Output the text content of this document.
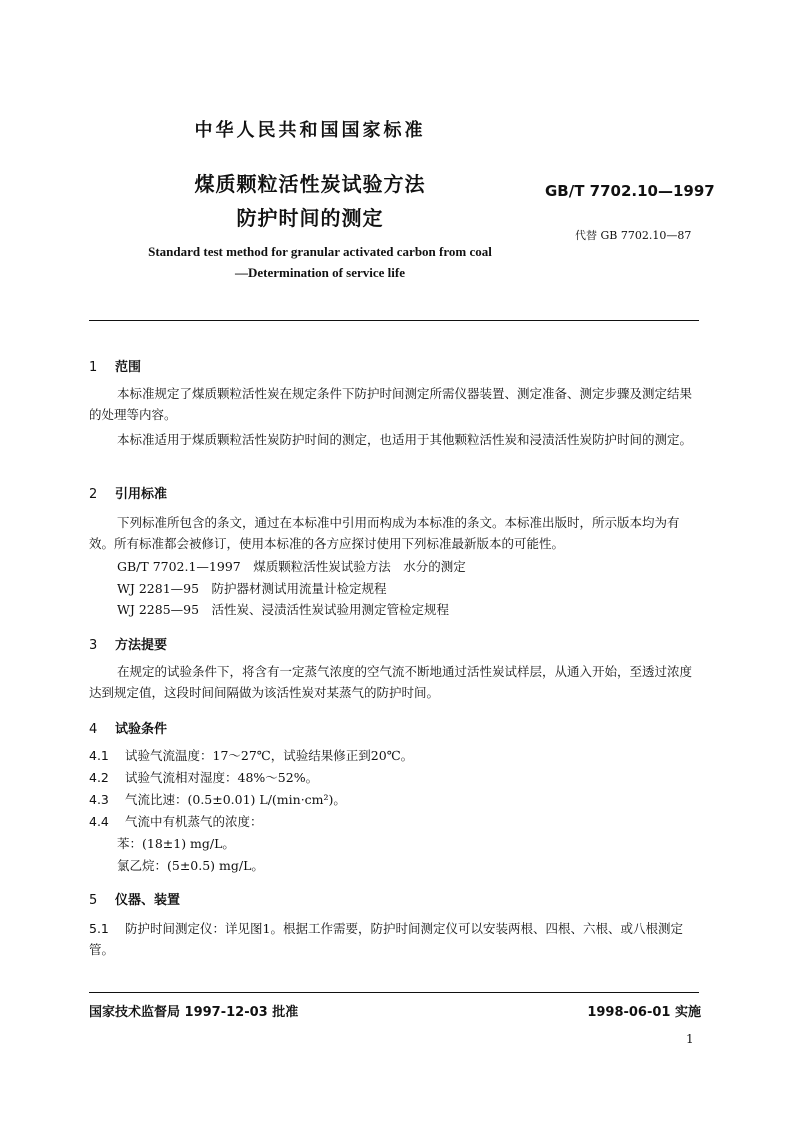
中华人民共和国国家标准
煤质颗粒活性炭试验方法
防护时间的测定
GB/T 7702.10—1997
代替 GB 7702.10—87
Standard test method for granular activated carbon from coal
—Determination of service life
1 范围
本标准规定了煤质颗粒活性炭在规定条件下防护时间测定所需仪器装置、测定准备、测定步骤及测定结果的处理等内容。
本标准适用于煤质颗粒活性炭防护时间的测定，也适用于其他颗粒活性炭和浸渍活性炭防护时间的测定。
2 引用标准
下列标准所包含的条文，通过在本标准中引用而构成为本标准的条文。本标准出版时，所示版本均为有效。所有标准都会被修订，使用本标准的各方应探讨使用下列标准最新版本的可能性。
GB/T 7702.1—1997　煤质颗粒活性炭试验方法　水分的测定
WJ 2281—95　防护器材测试用流量计检定规程
WJ 2285—95　活性炭、浸渍活性炭试验用测定管检定规程
3 方法提要
在规定的试验条件下，将含有一定蒸气浓度的空气流不断地通过活性炭试样层，从通入开始，至透过浓度达到规定值，这段时间间隔做为该活性炭对某蒸气的防护时间。
4 试验条件
4.1 试验气流温度：17～27℃，试验结果修正到20℃。
4.2 试验气流相对湿度：48%～52%。
4.3 气流比速：(0.5±0.01) L/(min·cm²)。
4.4 气流中有机蒸气的浓度：
苯：(18±1) mg/L。
氯乙烷：(5±0.5) mg/L。
5 仪器、装置
5.1 防护时间测定仪：详见图1。根据工作需要，防护时间测定仪可以安装两根、四根、六根、或八根测定管。
国家技术监督局 1997-12-03 批准	1998-06-01 实施
1
